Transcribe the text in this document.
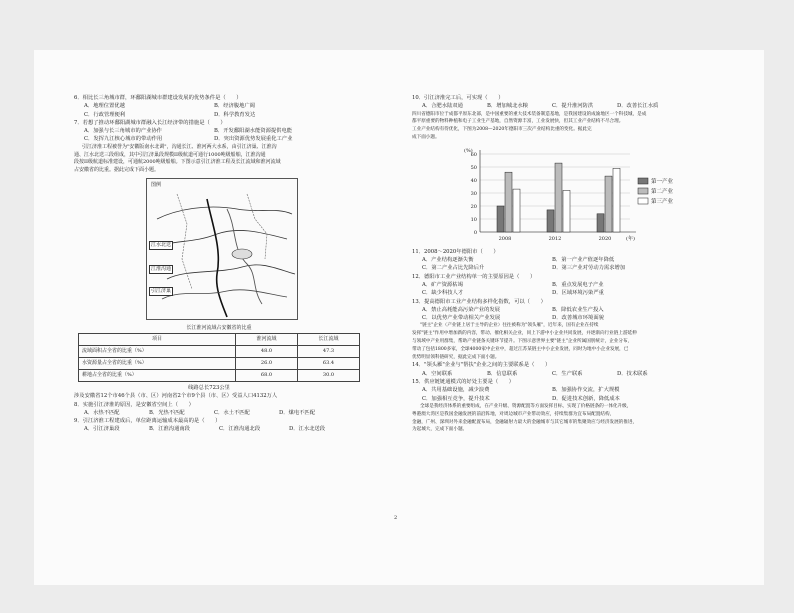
6．相比长三角城市群，环鄱阳湖城市群建设发展的优势条件是（　　）

A．地理位置优越	B．经济腹地广阔
C．行政管理便利	D．科学教育发达

7．若想了推动环鄱阳湖城市群融入长江经济带的措施是（　　）

A．加强与长三角城市的产业协作	B．开发鄱阳湖水能资源提供电能
C．发挥九江核心城市的带动作用	D．突出资源优势发展重化工产业

引江济淮工程被誉为"安徽版南水北调"，沟通长江、淮河两大水系，由引江济巢、江淮沟

通、江水北送三段组成，其中引江济巢段规模II级航道可通行1000吨级船舶，江淮沟通

段按II级航道标准建设，可通航2000吨级船舶。下图示意引江济淮工程及长江流域和淮河流域

占安徽省的比重。据此完成下面小题。

图例
江水北送
江淮沟通
引江济巢
长江淮河流域占安徽省的比重		
项目	淮河流域	长江流域
流域面积占全省的比重（%）	48.0	47.3
水资源量占全省的比重（%）	26.0	63.4
耕地占全省的比重（%）	68.0	30.0

线路总长723公里

涉及安徽省12个市46个县（市、区）河南省2个市9个县（市、区）受益人口4132万人

8．实施引江济淮的原因，是安徽省空间上（　　）

A．水热不匹配	B．光热不匹配	C．水土不匹配	D．煤电不匹配

9．引江济淮工程建成后，单位距离运输成本最高的是（　　）

A．引江济巢段	B．江淮沟通南段	C．江淮沟通北段	D．江水北送段

10．引江济淮完工后，可实现（　　）

A．合肥水陆双通	B．增加城北水粮	C．提升淮河防洪	D．改善长江水质

四川省德阳市位于成都平原东北部，是中国重要的重大技术装备制造基地，是我国建设的成渝地区一个科技城，是成

都平原重要的物料种植和电子工业生产基地，自然资源丰富，工业发展快，但其工业产业结构不尽合理。

工业产业结构有待优化，下图为2008—2020年德阳市三次产业结构比重的变化。据此完

成下面小题。

0
10
20
30
40
50
60
(%)
(年)
2008	2012	2020
第一产业
第二产业
第三产业

11．2008～2020年德阳市（　　）

A．产业结构逐渐失衡	B．第一产业产值逐年降低
C．第二产业占比先降后升	D．第三产业对劳动力需求增加

12．德阳市工业产业结构单一的主要原因是（　　）

A．矿产资源枯竭	B．重点发展电子产业
C．缺少科技人才	D．区域环境污染严重

13．提高德阳市工业产业结构多样化指数，可以（　　）

A．禁止高耗能高污染产业的发展	B．降低农业生产投入
C．以优势产业带动相关产业发展	D．改善城市环境面貌

"链主"企业（产业链上居于主导的企业）往往被称为"领头雁"，近年来，国有企业在持续

发挥"链主"作用中增加新的内容，带动、催化相关企业，同上下游中小企业共同发展，并逐渐向行业链上游延伸

与领域中产业用群集，帮助产业链条关键环节提升。下图示意世界主要"链主"企业所属国别统计，企业分布，

带动了包括1800多家，全球4000家中企业中，超过江苏某链主中小企业发展，同时为地中小企业发展，已

优势明显领科链研究，据此完成下面小题。

14．"领头雁"企业与"帮扶"企业之间的主要联系是（　　）

A．空间联系	B．信息联系	C．生产联系	D．技术联系

15．供应链链通模式的好处主要是（　　）

A．共用基础设施，减少浪费	B．加强协作交流，扩大规模
C．加强相互竞争，提升技术	D．促进技术创新，降低成本

全球是我经济体系的重要组成，在产业升级、资源配置等方面发挥目标，实现了价格链条的一体化升级，

粤港澳大湾区是我国金融发展的前沿阵地，对周边城市产业带动效应，持续集群为宜布局配置结构，

金融，广州、深圳对外来金融配置布局，金融辐射力最大的金融城市与其它城市的集聚效应与经济发展的推进，

为起城大，完成下面小题。

2
